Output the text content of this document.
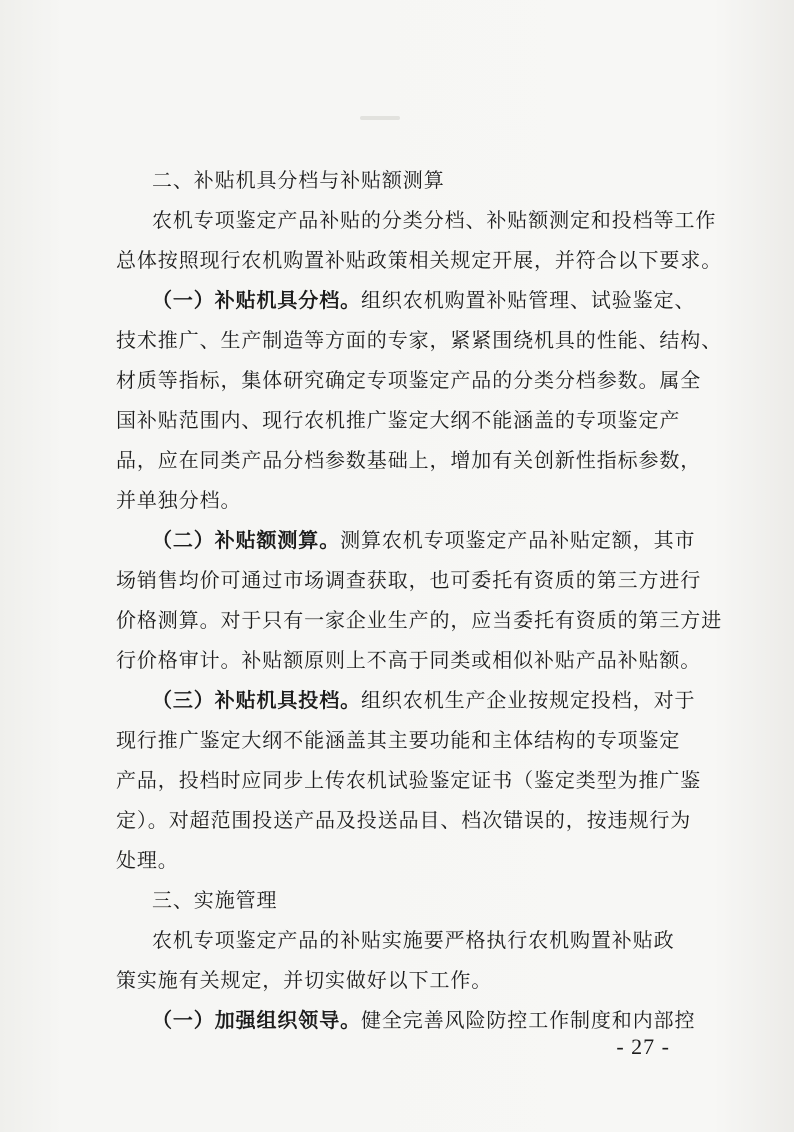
二、补贴机具分档与补贴额测算
农机专项鉴定产品补贴的分类分档、补贴额测定和投档等工作
总体按照现行农机购置补贴政策相关规定开展，并符合以下要求。
（一）补贴机具分档。组织农机购置补贴管理、试验鉴定、
技术推广、生产制造等方面的专家，紧紧围绕机具的性能、结构、
材质等指标，集体研究确定专项鉴定产品的分类分档参数。属全
国补贴范围内、现行农机推广鉴定大纲不能涵盖的专项鉴定产
品，应在同类产品分档参数基础上，增加有关创新性指标参数，
并单独分档。
（二）补贴额测算。测算农机专项鉴定产品补贴定额，其市
场销售均价可通过市场调查获取，也可委托有资质的第三方进行
价格测算。对于只有一家企业生产的，应当委托有资质的第三方进
行价格审计。补贴额原则上不高于同类或相似补贴产品补贴额。
（三）补贴机具投档。组织农机生产企业按规定投档，对于
现行推广鉴定大纲不能涵盖其主要功能和主体结构的专项鉴定
产品，投档时应同步上传农机试验鉴定证书（鉴定类型为推广鉴
定）。对超范围投送产品及投送品目、档次错误的，按违规行为
处理。
三、实施管理
农机专项鉴定产品的补贴实施要严格执行农机购置补贴政
策实施有关规定，并切实做好以下工作。
（一）加强组织领导。健全完善风险防控工作制度和内部控
- 27 -
